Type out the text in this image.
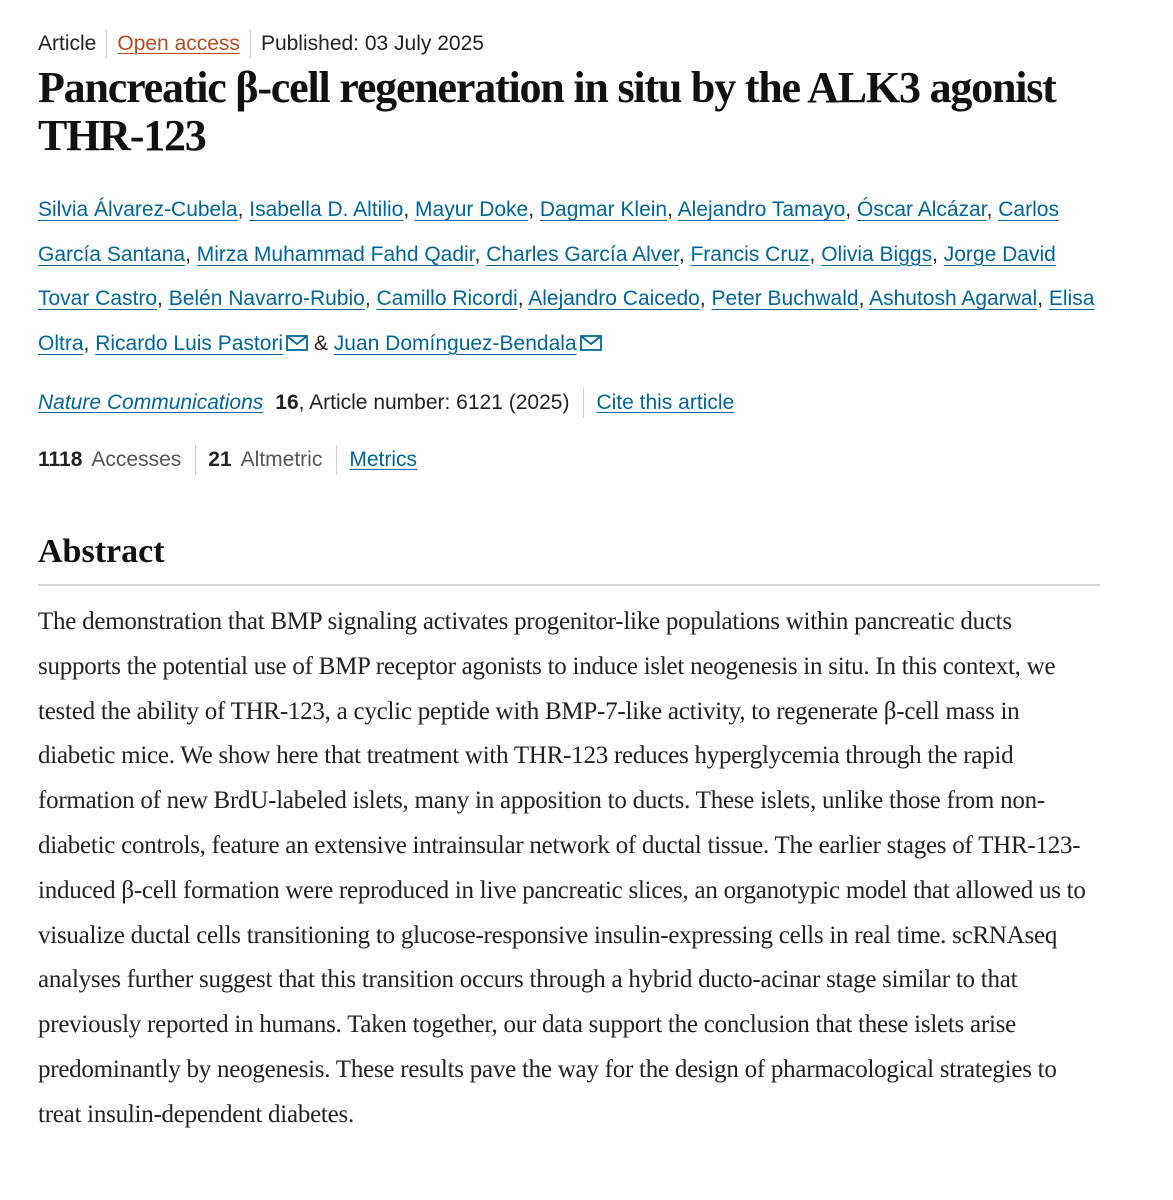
Article Open access Published: 03 July 2025
Pancreatic β-cell regeneration in situ by the ALK3 agonist THR-123
Silvia Álvarez-Cubela, Isabella D. Altilio, Mayur Doke, Dagmar Klein, Alejandro Tamayo, Óscar Alcázar, Carlos García Santana, Mirza Muhammad Fahd Qadir, Charles García Alver, Francis Cruz, Olivia Biggs, Jorge David Tovar Castro, Belén Navarro-Rubio, Camillo Ricordi, Alejandro Caicedo, Peter Buchwald, Ashutosh Agarwal, Elisa Oltra, Ricardo Luis Pastori & Juan Domínguez-Bendala
Nature Communications 16 , Article number: 6121 (2025) Cite this article
1118 Accesses 21 Altmetric Metrics
Abstract

The demonstration that BMP signaling activates progenitor-like populations within pancreatic ducts supports the potential use of BMP receptor agonists to induce islet neogenesis in situ. In this context, we tested the ability of THR-123, a cyclic peptide with BMP-7-like activity, to regenerate β-cell mass in diabetic mice. We show here that treatment with THR-123 reduces hyperglycemia through the rapid formation of new BrdU-labeled islets, many in apposition to ducts. These islets, unlike those from non-diabetic controls, feature an extensive intrainsular network of ductal tissue. The earlier stages of THR-123-induced β-cell formation were reproduced in live pancreatic slices, an organotypic model that allowed us to visualize ductal cells transitioning to glucose-responsive insulin-expressing cells in real time. scRNAseq analyses further suggest that this transition occurs through a hybrid ducto-acinar stage similar to that previously reported in humans. Taken together, our data support the conclusion that these islets arise predominantly by neogenesis. These results pave the way for the design of pharmacological strategies to treat insulin-dependent diabetes.
